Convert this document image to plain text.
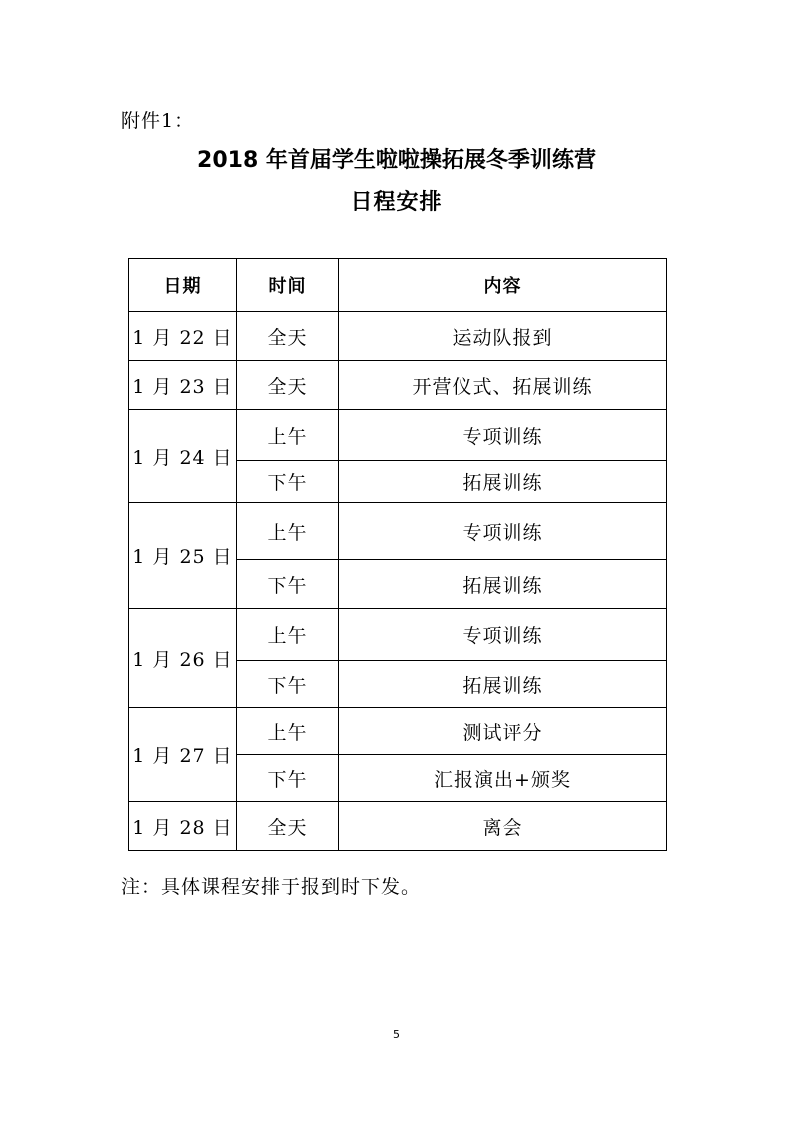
附件1：
2018 年首届学生啦啦操拓展冬季训练营
日程安排
日期	时间	内容
1 月 22 日	全天	运动队报到
1 月 23 日	全天	开营仪式、拓展训练
1 月 24 日	上午	专项训练
	下午	拓展训练
1 月 25 日	上午	专项训练
	下午	拓展训练
1 月 26 日	上午	专项训练
	下午	拓展训练
1 月 27 日	上午	测试评分
	下午	汇报演出+颁奖
1 月 28 日	全天	离会
注：具体课程安排于报到时下发。
5
